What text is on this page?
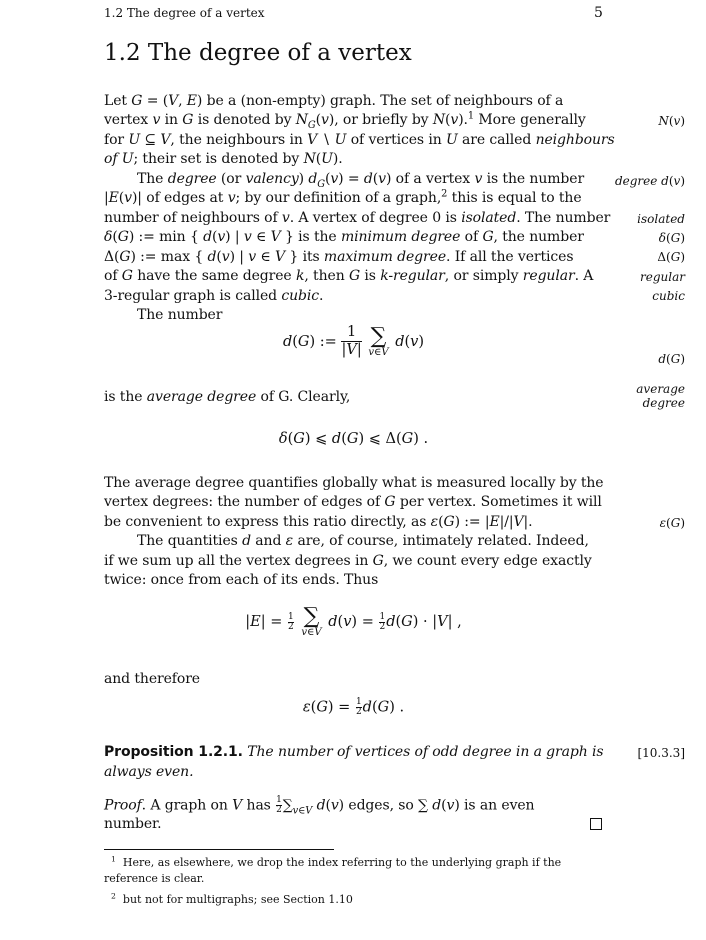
1.2 The degree of a vertex	5
1.2 The degree of a vertex
Let G = (V, E) be a (non-empty) graph. The set of neighbours of a
vertex v in G is denoted by $N_G(v)$, or briefly by N(v).$^1$ More generally
for U ⊆ V, the neighbours in V ∖ U of vertices in U are called neighbours
of U; their set is denoted by N(U).
The degree (or valency) $d_G(v) = d(v)$ of a vertex v is the number
|E(v)| of edges at v; by our definition of a graph,$^2$ this is equal to the
number of neighbours of v. A vertex of degree 0 is isolated. The number
δ(G) := min { d(v) | v ∈ V } is the minimum degree of G, the number
Δ(G) := max { d(v) | v ∈ V } its maximum degree. If all the vertices
of G have the same degree k, then G is k-regular, or simply regular. A
3-regular graph is called cubic.
The number
d(G) := $\frac{1}{|V|}$
∑
v∈V
d(v)
is the average degree of G. Clearly,
δ(G) ⩽ d(G) ⩽ Δ(G) .
The average degree quantifies globally what is measured locally by the
vertex degrees: the number of edges of G per vertex. Sometimes it will
be convenient to express this ratio directly, as ε(G) := |E|/|V|.
The quantities d and ε are, of course, intimately related. Indeed,
if we sum up all the vertex degrees in G, we count every edge exactly
twice: once from each of its ends. Thus
$|E| = \frac{1}{2}$
∑
v∈V
$d(v) = \frac{1}{2} d(G) \cdot |V|$ ,
and therefore
$\varepsilon(G) = \frac{1}{2} d(G)$ .
Proposition 1.2.1. The number of vertices of odd degree in a graph is
always even.
Proof. A graph on V has $\frac{1}{2} \sum_{v\in V}$ d(v) edges, so ∑ d(v) is an even
number.
N(v)
degree d(v)
isolated
δ(G)
Δ(G)
regular
cubic
d(G)
average
degree
ε(G)
[10.3.3]
$^1$ Here, as elsewhere, we drop the index referring to the underlying graph if the
reference is clear.
$^2$ but not for multigraphs; see Section 1.10
